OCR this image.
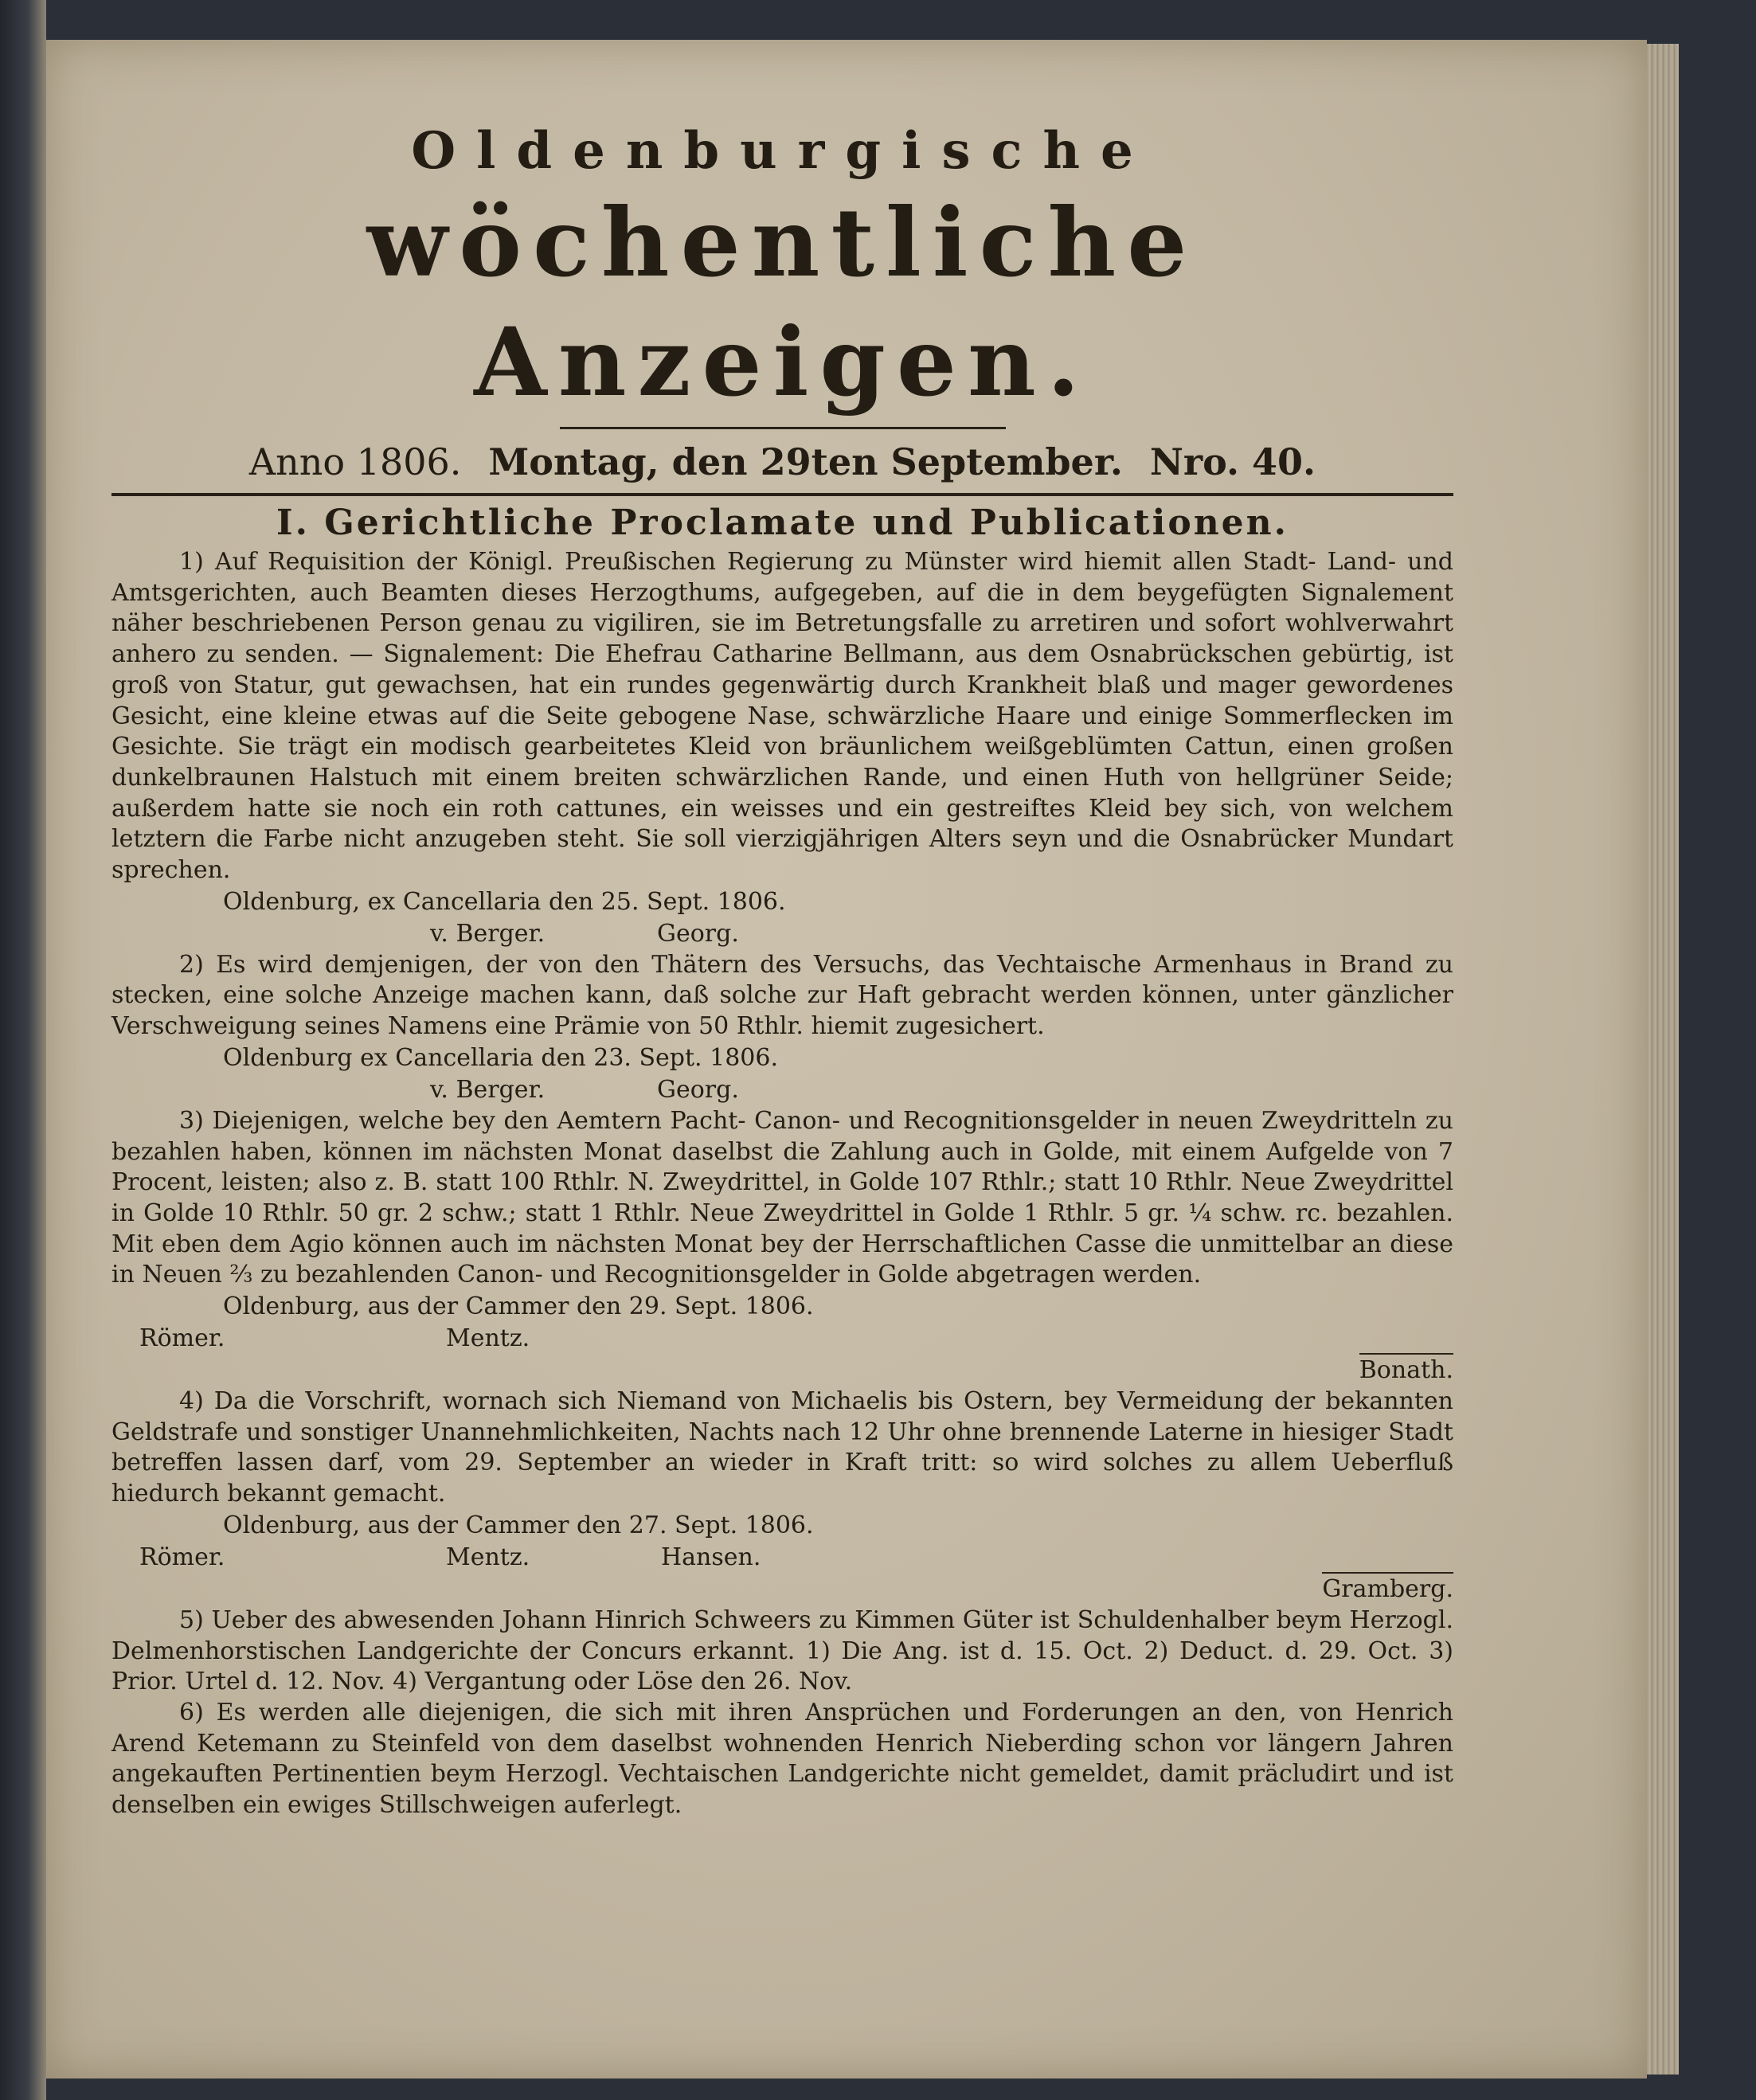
Oldenburgische
wöchentliche Anzeigen.
Anno 1806. Montag, den 29ten September. Nro. 40.
I. Gerichtliche Proclamate und Publicationen.

1) Auf Requisition der Königl. Preußischen Regierung zu Münster wird hiemit allen Stadt- Land- und Amtsgerichten, auch Beamten dieses Herzogthums, aufgegeben, auf die in dem beygefügten Signalement näher beschriebenen Person genau zu vigiliren, sie im Betretungsfalle zu arretiren und sofort wohlverwahrt anhero zu senden. — Signalement: Die Ehefrau Catharine Bellmann, aus dem Osnabrückschen gebürtig, ist groß von Statur, gut gewachsen, hat ein rundes gegenwärtig durch Krankheit blaß und mager gewordenes Gesicht, eine kleine etwas auf die Seite gebogene Nase, schwärzliche Haare und einige Sommerflecken im Gesichte. Sie trägt ein modisch gearbeitetes Kleid von bräunlichem weißgeblümten Cattun, einen großen dunkelbraunen Halstuch mit einem breiten schwärzlichen Rande, und einen Huth von hellgrüner Seide; außerdem hatte sie noch ein roth cattunes, ein weisses und ein gestreiftes Kleid bey sich, von welchem letztern die Farbe nicht anzugeben steht. Sie soll vierzigjährigen Alters seyn und die Osnabrücker Mundart sprechen.

Oldenburg, ex Cancellaria den 25. Sept. 1806.

v. Berger.	Georg.

2) Es wird demjenigen, der von den Thätern des Versuchs, das Vechtaische Armenhaus in Brand zu stecken, eine solche Anzeige machen kann, daß solche zur Haft gebracht werden können, unter gänzlicher Verschweigung seines Namens eine Prämie von 50 Rthlr. hiemit zugesichert.

Oldenburg ex Cancellaria den 23. Sept. 1806.

v. Berger.	Georg.

3) Diejenigen, welche bey den Aemtern Pacht- Canon- und Recognitionsgelder in neuen Zweydritteln zu bezahlen haben, können im nächsten Monat daselbst die Zahlung auch in Golde, mit einem Aufgelde von 7 Procent, leisten; also z. B. statt 100 Rthlr. N. Zweydrittel, in Golde 107 Rthlr.; statt 10 Rthlr. Neue Zweydrittel in Golde 10 Rthlr. 50 gr. 2 schw.; statt 1 Rthlr. Neue Zweydrittel in Golde 1 Rthlr. 5 gr. ¼ schw. rc. bezahlen. Mit eben dem Agio können auch im nächsten Monat bey der Herrschaftlichen Casse die unmittelbar an diese in Neuen ⅔ zu bezahlenden Canon- und Recognitionsgelder in Golde abgetragen werden.

Oldenburg, aus der Cammer den 29. Sept. 1806.

Römer.	Mentz.

Bonath.

4) Da die Vorschrift, wornach sich Niemand von Michaelis bis Ostern, bey Vermeidung der bekannten Geldstrafe und sonstiger Unannehmlichkeiten, Nachts nach 12 Uhr ohne brennende Laterne in hiesiger Stadt betreffen lassen darf, vom 29. September an wieder in Kraft tritt: so wird solches zu allem Ueberfluß hiedurch bekannt gemacht.

Oldenburg, aus der Cammer den 27. Sept. 1806.

Römer.	Mentz.	Hansen.

Gramberg.

5) Ueber des abwesenden Johann Hinrich Schweers zu Kimmen Güter ist Schuldenhalber beym Herzogl. Delmenhorstischen Landgerichte der Concurs erkannt. 1) Die Ang. ist d. 15. Oct. 2) Deduct. d. 29. Oct. 3) Prior. Urtel d. 12. Nov. 4) Vergantung oder Löse den 26. Nov.

6) Es werden alle diejenigen, die sich mit ihren Ansprüchen und Forderungen an den, von Henrich Arend Ketemann zu Steinfeld von dem daselbst wohnenden Henrich Nieberding schon vor längern Jahren angekauften Pertinentien beym Herzogl. Vechtaischen Landgerichte nicht gemeldet, damit präcludirt und ist denselben ein ewiges Stillschweigen auferlegt.
